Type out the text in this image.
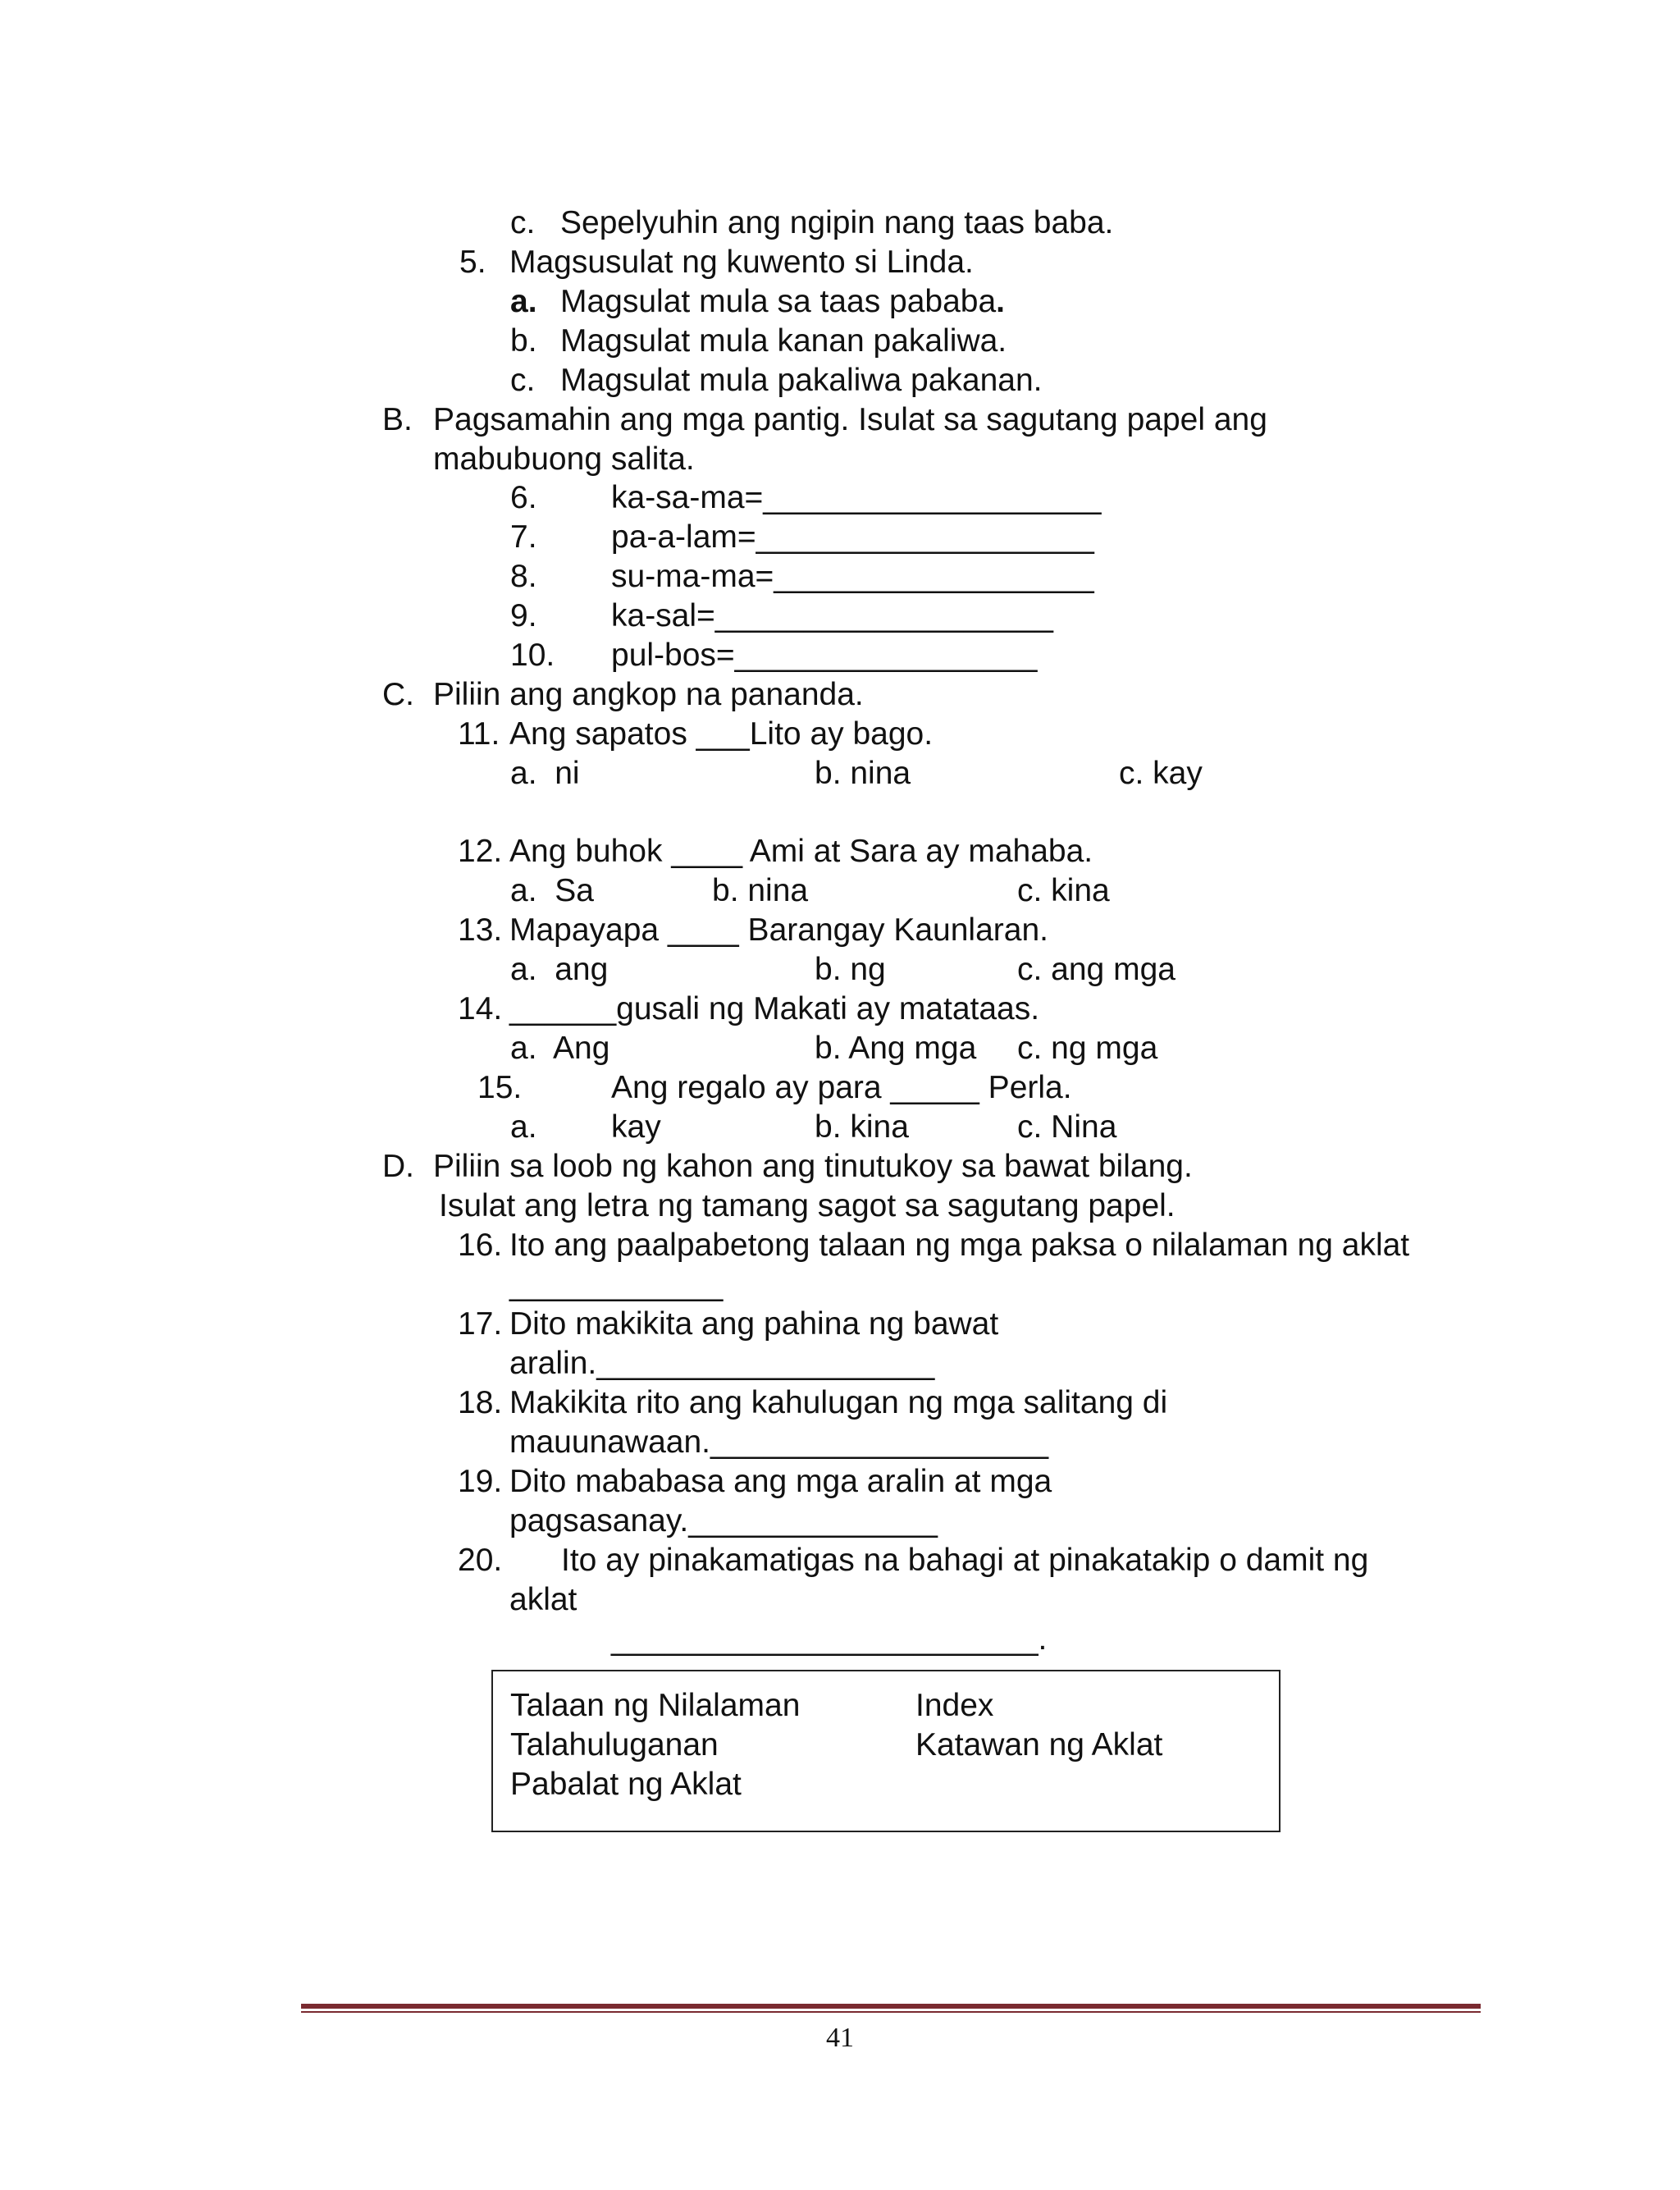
c. Sepelyuhin ang ngipin nang taas baba.
5. Magsusulat ng kuwento si Linda.
a. Magsulat mula sa taas pababa.
b. Magsulat mula kanan pakaliwa.
c. Magsulat mula pakaliwa pakanan.
B. Pagsamahin ang mga pantig. Isulat sa sagutang papel ang
mabubuong salita.
6. ka-sa-ma=___________________
7. pa-a-lam=___________________
8. su-ma-ma=__________________
9. ka-sal=___________________
10. pul-bos=_________________
C. Piliin ang angkop na pananda.
11. Ang sapatos ___Lito ay bago.
a.  ni	b. nina	c. kay
12. Ang buhok ____ Ami at Sara ay mahaba.
a.  Sa	b. nina	c. kina
13. Mapayapa ____ Barangay Kaunlaran.
a.  ang	b. ng	c. ang mga
14. ______gusali ng Makati ay matataas.
a.  Ang	b. Ang mga c. ng mga
15.	Ang regalo ay para _____ Perla.
a. kay	b. kina	c. Nina
D. Piliin sa loob ng kahon ang tinutukoy sa bawat bilang.
Isulat ang letra ng tamang sagot sa sagutang papel.
16. Ito ang paalpabetong talaan ng mga paksa o nilalaman ng aklat
____________
17. Dito makikita ang pahina ng bawat
aralin.___________________
18. Makikita rito ang kahulugan ng mga salitang di
mauunawaan.___________________
19. Dito mababasa ang mga aralin at mga
pagsasanay.______________
20. Ito ay pinakamatigas na bahagi at pinakatakip o damit ng
aklat
________________________.
Talaan ng Nilalaman
Talahuluganan
Pabalat ng Aklat
Index
Katawan ng Aklat
41
